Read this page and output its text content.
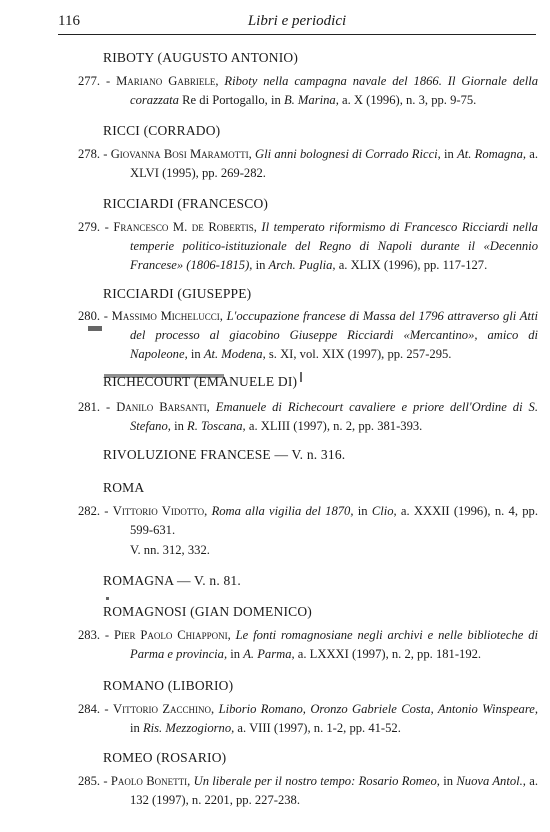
116	Libri e periodici
RIBOTY (AUGUSTO ANTONIO)

277. - Mariano Gabriele, Riboty nella campagna navale del 1866. Il Giornale della corazzata Re di Portogallo, in B. Marina, a. X (1996), n. 3, pp. 9-75.

RICCI (CORRADO)

278. - Giovanna Bosi Maramotti, Gli anni bolognesi di Corrado Ricci, in At. Romagna, a. XLVI (1995), pp. 269-282.

RICCIARDI (FRANCESCO)

279. - Francesco M. de Robertis, Il temperato riformismo di Francesco Ricciardi nella temperie politico-istituzionale del Regno di Napoli durante il «Decennio Francese» (1806-1815), in Arch. Puglia, a. XLIX (1996), pp. 117-127.

RICCIARDI (GIUSEPPE)

280. - Massimo Michelucci, L'occupazione francese di Massa del 1796 attraverso gli Atti del processo al giacobino Giuseppe Ricciardi «Mercantino», amico di Napoleone, in At. Modena, s. XI, vol. XIX (1997), pp. 257-295.

RICHECOURT (EMANUELE DI)

281. - Danilo Barsanti, Emanuele di Richecourt cavaliere e priore dell'Ordine di S. Stefano, in R. Toscana, a. XLIII (1997), n. 2, pp. 381-393.

RIVOLUZIONE FRANCESE — V. n. 316.
ROMA

282. - Vittorio Vidotto, Roma alla vigilia del 1870, in Clio, a. XXXII (1996), n. 4, pp. 599-631.

V. nn. 312, 332.
ROMAGNA — V. n. 81.
ROMAGNOSI (GIAN DOMENICO)

283. - Pier Paolo Chiapponi, Le fonti romagnosiane negli archivi e nelle biblioteche di Parma e provincia, in A. Parma, a. LXXXI (1997), n. 2, pp. 181-192.

ROMANO (LIBORIO)

284. - Vittorio Zacchino, Liborio Romano, Oronzo Gabriele Costa, Antonio Winspeare, in Ris. Mezzogiorno, a. VIII (1997), n. 1-2, pp. 41-52.

ROMEO (ROSARIO)

285. - Paolo Bonetti, Un liberale per il nostro tempo: Rosario Romeo, in Nuova Antol., a. 132 (1997), n. 2201, pp. 227-238.
